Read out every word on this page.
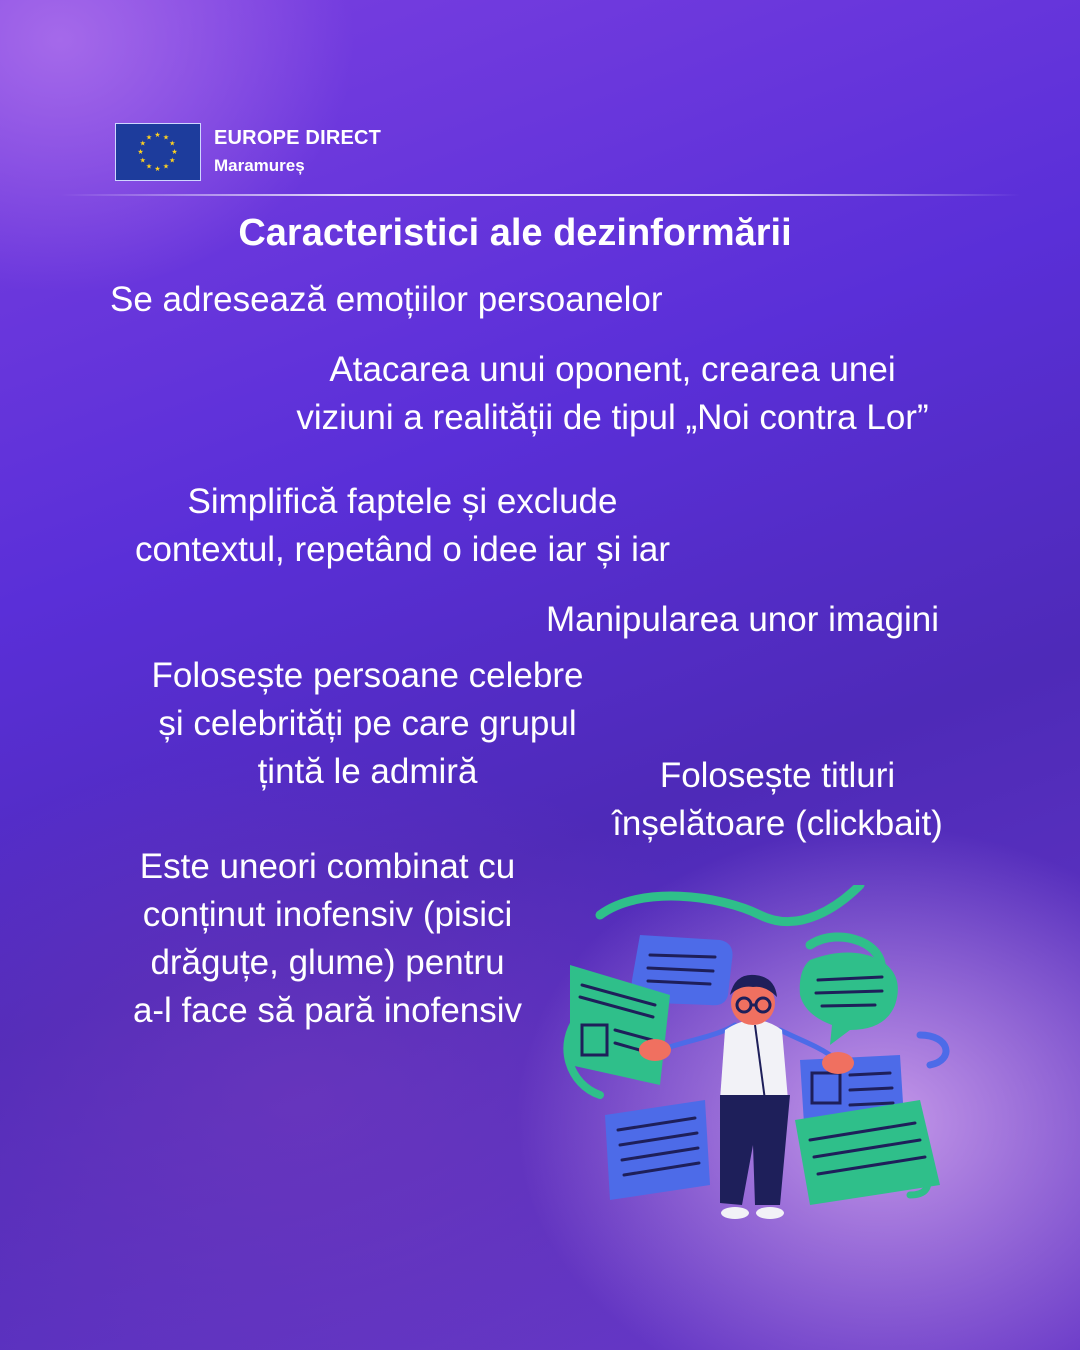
★ ★
★
★
★
★
★
★
★
★
★
★	EUROPE DIRECT
Maramureș
Caracteristici ale dezinformării
Se adresează emoțiilor persoanelor
Atacarea unui oponent, crearea unei
viziuni a realității de tipul „Noi contra Lor”
Simplifică faptele și exclude
contextul, repetând o idee iar și iar
Manipularea unor imagini
Folosește persoane celebre
și celebrități pe care grupul
țintă le admiră	Folosește titluri
înșelătoare (clickbait)
Este uneori combinat cu
conținut inofensiv (pisici
drăguțe, glume) pentru
a-l face să pară inofensiv
